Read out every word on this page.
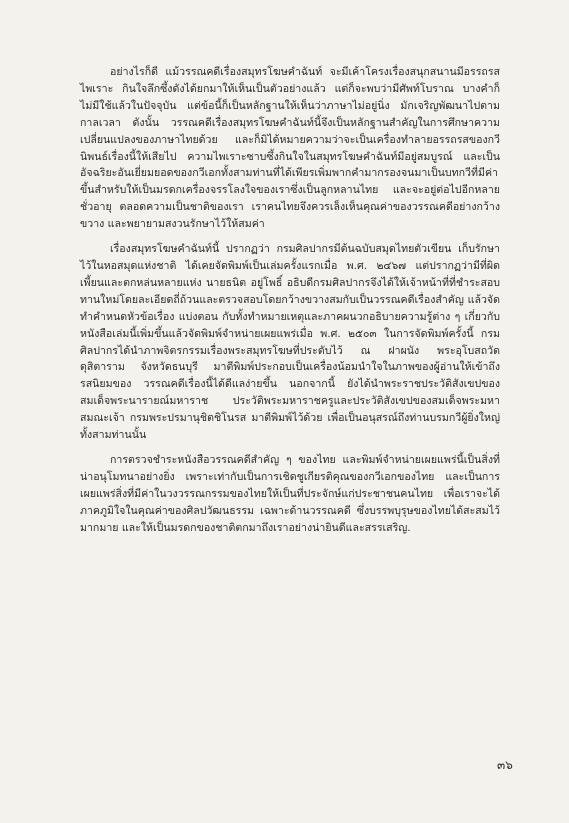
อย่างไรก็ดี แม้วรรณคดีเรื่องสมุทรโฆษคำฉันท์ จะมีเค้าโครงเรื่องสนุกสนานมีอรรถรสไพเราะ กินใจลึกซึ้งดังได้ยกมาให้เห็นเป็นตัวอย่างแล้ว แต่ก็จะพบว่ามีศัพท์โบราณ บางคำก็ไม่มีใช้แล้วในปัจจุบัน แต่ข้อนี้ก็เป็นหลักฐานให้เห็นว่าภาษาไม่อยู่นิ่ง มักเจริญพัฒนาไปตามกาลเวลา ดังนั้น วรรณคดีเรื่องสมุทรโฆษคำฉันท์นี้จึงเป็นหลักฐานสำคัญในการศึกษาความเปลี่ยนแปลงของภาษาไทยด้วย และก็มิได้หมายความว่าจะเป็นเครื่องทำลายอรรถรสของกวีนิพนธ์เรื่องนี้ให้เสียไป ความไพเราะซาบซึ้งกินใจในสมุทรโฆษคำฉันท์มีอยู่สมบูรณ์ และเป็นอัจฉริยะอันเยี่ยมยอดของกวีเอกทั้งสามท่านที่ได้เพียรเพิ่มพากคำมากรองจนมาเป็นบทกวีที่มีค่าขึ้นสำหรับให้เป็นมรดกเครื่องจรรโลงใจของเราซึ่งเป็นลูกหลานไทย และจะอยู่ต่อไปอีกหลายชั่วอายุ ตลอดความเป็นชาติของเรา เราคนไทยจึงควรเล็งเห็นคุณค่าของวรรณคดีอย่างกว้างขวาง และพยายามสงวนรักษาไว้ให้สมค่า

เรื่องสมุทรโฆษคำฉันท์นี้ ปรากฏว่า กรมศิลปากรมีต้นฉบับสมุดไทยตัวเขียน เก็บรักษาไว้ในหอสมุดแห่งชาติ ได้เคยจัดพิมพ์เป็นเล่มครั้งแรกเมื่อ พ.ศ. ๒๔๖๗ แต่ปรากฏว่ามีที่ผิดเพี้ยนและตกหล่นหลายแห่ง นายธนิต อยู่โพธิ์ อธิบดีกรมศิลปากรจึงได้ให้เจ้าหน้าที่ที่ชำระสอบทานใหม่โดยละเอียดถี่ถ้วนและตรวจสอบโดยกว้างขวางสมกับเป็นวรรณคดีเรื่องสำคัญ แล้วจัดทำคำหนดหัวข้อเรื่อง แบ่งตอน กับทั้งทำหมายเหตุและภาคผนวกอธิบายความรู้ต่าง ๆ เกี่ยวกับหนังสือเล่มนี้เพิ่มขึ้นแล้วจัดพิมพ์จำหน่ายเผยแพร่เมื่อ พ.ศ. ๒๕๐๓ ในการจัดพิมพ์ครั้งนี้ กรมศิลปากรได้นำภาพจิตรกรรมเรื่องพระสมุทรโฆษที่ประดับไว้ ณ ฝาผนัง พระอุโบสถวัดดุสิตาราม จังหวัดธนบุรี มาตีพิมพ์ประกอบเป็นเครื่องน้อมนำใจในภาพของผู้อ่านให้เข้าถึงรสนิยมของ วรรณคดีเรื่องนี้ได้ดีแลง่ายขึ้น นอกจากนี้ ยังได้นำพระราชประวัติสังเขปของสมเด็จพระนารายณ์มหาราช ประวัติพระมหาราชครูและประวัติสังเขปของสมเด็จพระมหาสมณะเจ้า กรมพระปรมานุชิตชิโนรส มาตีพิมพ์ไว้ด้วย เพื่อเป็นอนุสรณ์ถึงท่านบรมกวีผู้ยิ่งใหญ่ทั้งสามท่านนั้น

การตรวจชำระหนังสือวรรณคดีสำคัญ ๆ ของไทย และพิมพ์จำหน่ายเผยแพร่นี้เป็นสิ่งที่น่าอนุโมทนาอย่างยิ่ง เพราะเท่ากับเป็นการเชิดชูเกียรติคุณของกวีเอกของไทย และเป็นการเผยแพร่สิ่งที่มีค่าในวงวรรณกรรมของไทยให้เป็นที่ประจักษ์แก่ประชาชนคนไทย เพื่อเราจะได้ภาคภูมิใจในคุณค่าของศิลปวัฒนธรรม เฉพาะด้านวรรณคดี ซึ่งบรรพบุรุษของไทยได้สะสมไว้มากมาย และให้เป็นมรดกของชาติตกมาถึงเราอย่างน่ายินดีและสรรเสริญ.

๓๖
